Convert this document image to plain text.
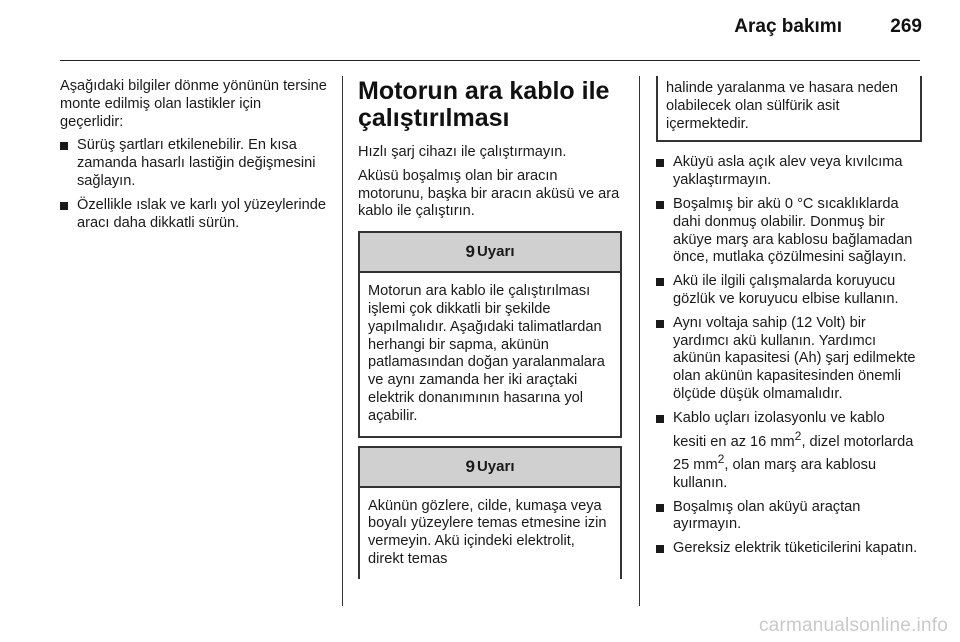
Araç bakımı	269

Aşağıdaki bilgiler dönme yönünün tersine monte edilmiş olan lastikler için geçerlidir:

Sürüş şartları etkilenebilir. En kısa zamanda hasarlı lastiğin değişmesini sağlayın.
Özellikle ıslak ve karlı yol yüzeylerinde aracı daha dikkatli sürün.
Motorun ara kablo ile çalıştırılması

Hızlı şarj cihazı ile çalıştırmayın.

Aküsü boşalmış olan bir aracın motorunu, başka bir aracın aküsü ve ara kablo ile çalıştırın.

9 Uyarı
Motorun ara kablo ile çalıştırılması işlemi çok dikkatli bir şekilde yapılmalıdır. Aşağıdaki talimatlardan herhangi bir sapma, akünün patlamasından doğan yaralanmalara ve aynı zamanda her iki araçtaki elektrik donanımının hasarına yol açabilir.
9 Uyarı
Akünün gözlere, cilde, kumaşa veya boyalı yüzeylere temas etmesine izin vermeyin. Akü içindeki elektrolit, direkt temas
halinde yaralanma ve hasara neden olabilecek olan sülfürik asit içermektedir.
Aküyü asla açık alev veya kıvılcıma yaklaştırmayın.
Boşalmış bir akü 0 °C sıcaklıklarda dahi donmuş olabilir. Donmuş bir aküye marş ara kablosu bağlamadan önce, mutlaka çözülmesini sağlayın.
Akü ile ilgili çalışmalarda koruyucu gözlük ve koruyucu elbise kullanın.
Aynı voltaja sahip (12 Volt) bir yardımcı akü kullanın. Yardımcı akünün kapasitesi (Ah) şarj edilmekte olan akünün kapasitesinden önemli ölçüde düşük olmamalıdır.
Kablo uçları izolasyonlu ve kablo kesiti en az 16 $mm^2$, dizel motorlarda 25 $mm^2$, olan marş ara kablosu kullanın.
Boşalmış olan aküyü araçtan ayırmayın.
Gereksiz elektrik tüketicilerini kapatın.
carmanualsonline.info
